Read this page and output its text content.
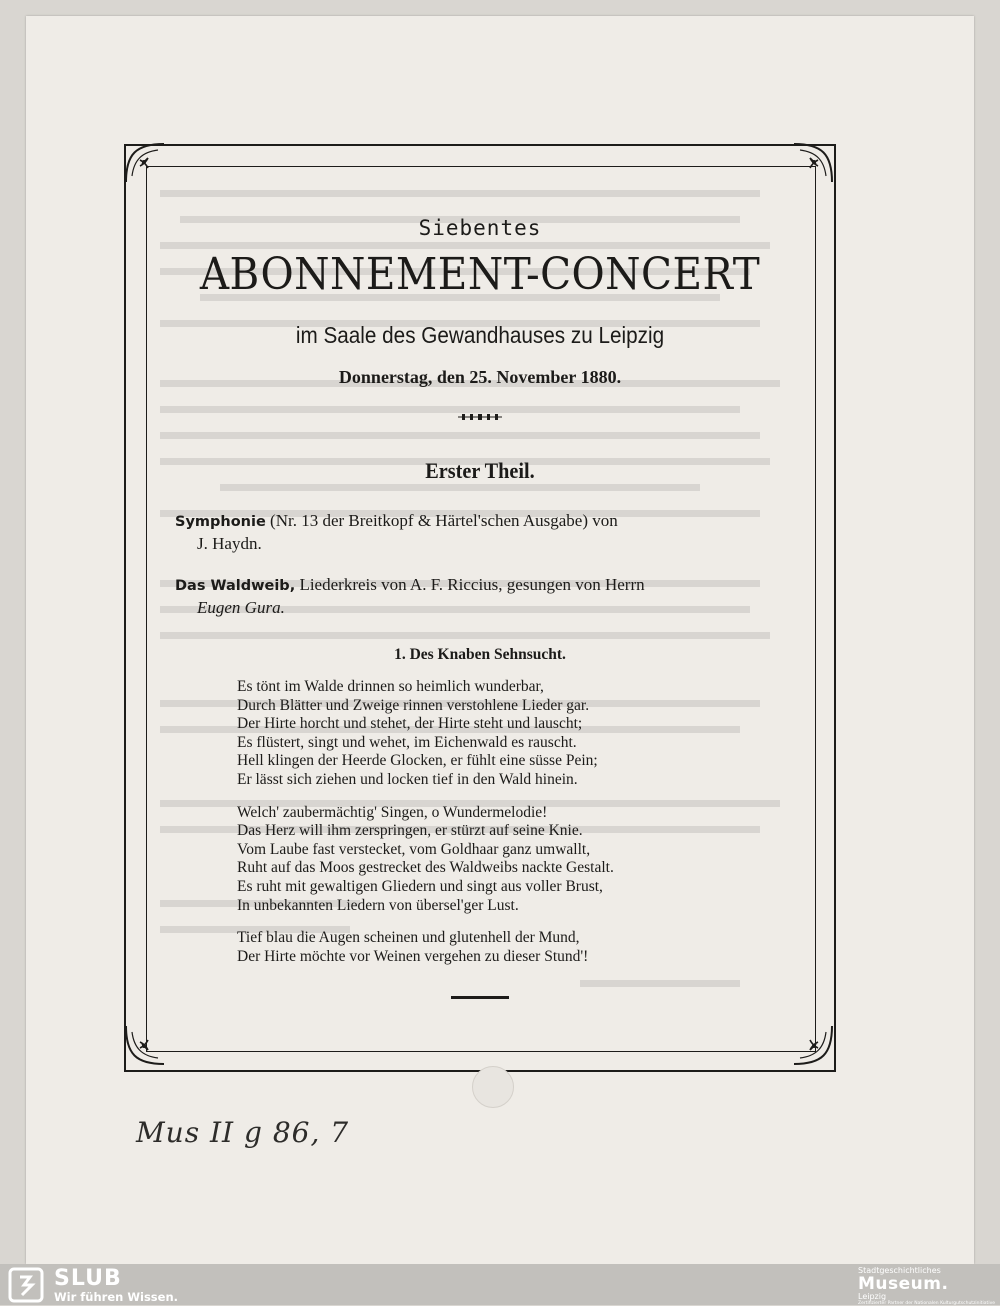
Siebentes
ABONNEMENT-CONCERT
im Saale des Gewandhauses zu Leipzig
Donnerstag, den 25. November 1880.
Erster Theil.
Symphonie (Nr. 13 der Breitkopf & Härtel'schen Ausgabe) von
J. Haydn.
Das Waldweib, Liederkreis von A. F. Riccius, gesungen von Herrn
Eugen Gura.
1. Des Knaben Sehnsucht.
Es tönt im Walde drinnen so heimlich wunderbar,
Durch Blätter und Zweige rinnen verstohlene Lieder gar.
Der Hirte horcht und stehet, der Hirte steht und lauscht;
Es flüstert, singt und wehet, im Eichenwald es rauscht.
Hell klingen der Heerde Glocken, er fühlt eine süsse Pein;
Er lässt sich ziehen und locken tief in den Wald hinein.
Welch' zaubermächtig' Singen, o Wundermelodie!
Das Herz will ihm zerspringen, er stürzt auf seine Knie.
Vom Laube fast verstecket, vom Goldhaar ganz umwallt,
Ruht auf das Moos gestrecket des Waldweibs nackte Gestalt.
Es ruht mit gewaltigen Gliedern und singt aus voller Brust,
In unbekannten Liedern von übersel'ger Lust.
Tief blau die Augen scheinen und glutenhell der Mund,
Der Hirte möchte vor Weinen vergehen zu dieser Stund'!
Mus II g 86, 7
SLUB
Wir führen Wissen.
Stadtgeschichtliches
Museum.
Leipzig
Zertifizierter Partner der Nationalen Kulturgutschutzinitiative
